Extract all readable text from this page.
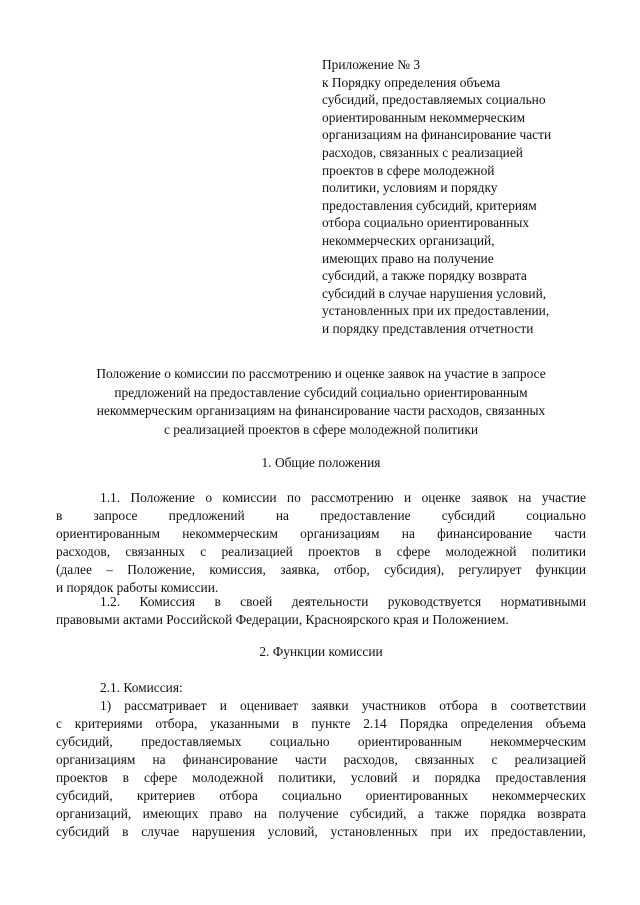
Приложение № 3
к Порядку определения объема
субсидий, предоставляемых социально
ориентированным некоммерческим
организациям на финансирование части
расходов, связанных с реализацией
проектов в сфере молодежной
политики, условиям и порядку
предоставления субсидий, критериям
отбора социально ориентированных
некоммерческих организаций,
имеющих право на получение
субсидий, а также порядку возврата
субсидий в случае нарушения условий,
установленных при их предоставлении,
и порядку представления отчетности
Положение о комиссии по рассмотрению и оценке заявок на участие в запросе
предложений на предоставление субсидий социально ориентированным
некоммерческим организациям на финансирование части расходов, связанных
с реализацией проектов в сфере молодежной политики
1. Общие положения
1.1. Положение о комиссии по рассмотрению и оценке заявок на участие
в запросе предложений на предоставление субсидий социально
ориентированным некоммерческим организациям на финансирование части
расходов, связанных с реализацией проектов в сфере молодежной политики
(далее – Положение, комиссия, заявка, отбор, субсидия), регулирует функции
и порядок работы комиссии.
1.2. Комиссия в своей деятельности руководствуется нормативными
правовыми актами Российской Федерации, Красноярского края и Положением.
2. Функции комиссии
2.1. Комиссия:
1) рассматривает и оценивает заявки участников отбора в соответствии
с критериями отбора, указанными в пункте 2.14 Порядка определения объема
субсидий, предоставляемых социально ориентированным некоммерческим
организациям на финансирование части расходов, связанных с реализацией
проектов в сфере молодежной политики, условий и порядка предоставления
субсидий, критериев отбора социально ориентированных некоммерческих
организаций, имеющих право на получение субсидий, а также порядка возврата
субсидий в случае нарушения условий, установленных при их предоставлении,
